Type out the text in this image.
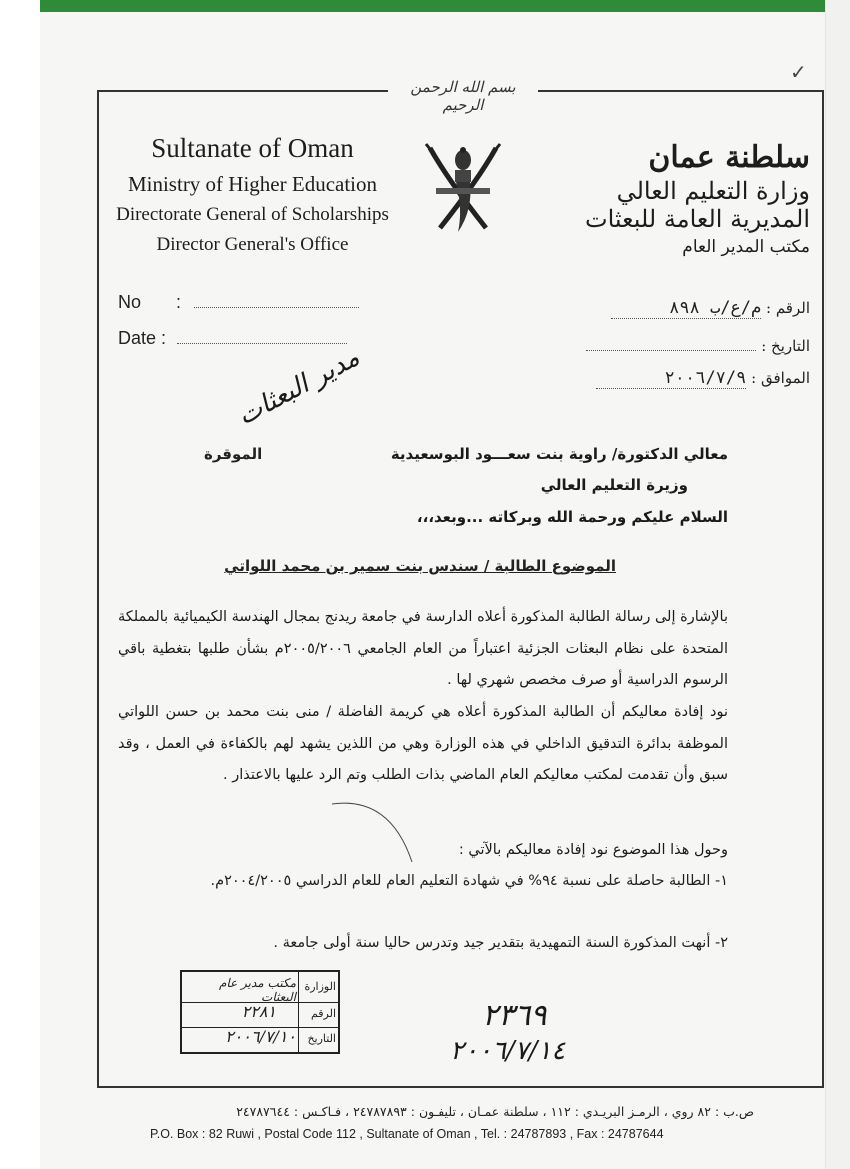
بسم الله الرحمن الرحيم
✓
Sultanate of Oman
Ministry of Higher Education
Directorate General of Scholarships
Director General's Office
سلطنة عمان
وزارة التعليم العالي
المديرية العامة للبعثات
مكتب المدير العام
No :
Date :
الرقم : م/ع/ب ٨٩٨
التاريخ :
الموافق : ٢٠٠٦/٧/٩
مدير البعثات
الموقرة	معالي الدكتورة/ راوية بنت سعـــود البوسعيدية
وزيرة التعليم العالي
السلام عليكم ورحمة الله وبركاته ...وبعد،،،
الموضوع الطالبة / سندس بنت سمير بن محمد اللواتي
بالإشارة إلى رسالة الطالبة المذكورة أعلاه الدارسة في جامعة ريدنج بمجال الهندسة الكيميائية بالمملكة المتحدة على نظام البعثات الجزئية اعتباراً من العام الجامعي ٢٠٠٥/٢٠٠٦م بشأن طلبها بتغطية باقي الرسوم الدراسية أو صرف مخصص شهري لها .
نود إفادة معاليكم أن الطالبة المذكورة أعلاه هي كريمة الفاضلة / منى بنت محمد بن حسن اللواتي الموظفة بدائرة التدقيق الداخلي في هذه الوزارة وهي من اللذين يشهد لهم بالكفاءة في العمل ، وقد سبق وأن تقدمت لمكتب معاليكم العام الماضي بذات الطلب وتم الرد عليها بالاعتذار .
وحول هذا الموضوع نود إفادة معاليكم بالآتي :
١- الطالبة حاصلة على نسبة ٩٤% في شهادة التعليم العام للعام الدراسي ٢٠٠٤/٢٠٠٥م.
٢- أنهت المذكورة السنة التمهيدية بتقدير جيد وتدرس حاليا سنة أولى جامعة .
الوزارة
مكتب مدير عام البعثات
الرقم
٢٢٨١
التاريخ
٢٠٠٦/٧/١٠
٢٣٦٩
٢٠٠٦/٧/١٤
ص.ب : ٨٢ روي ، الرمـز البريـدي : ١١٢ ، سلطنة عمـان ، تليفـون : ٢٤٧٨٧٨٩٣ ، فـاكـس : ٢٤٧٨٧٦٤٤
P.O. Box : 82 Ruwi , Postal Code 112 , Sultanate of Oman , Tel. : 24787893 , Fax : 24787644
